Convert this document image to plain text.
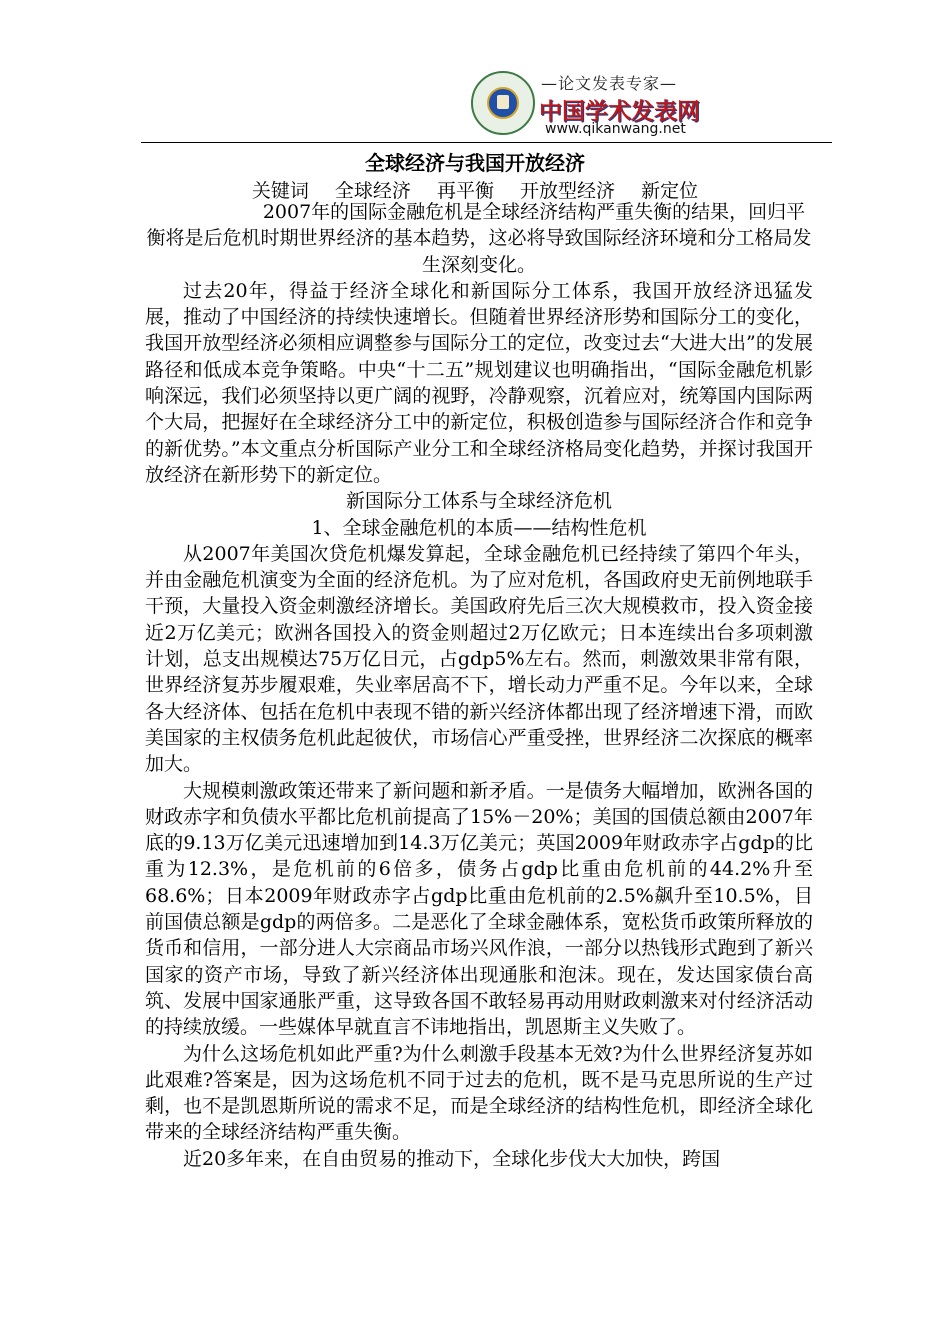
—论文发表专家—
中国学术发表网
www.qikanwang.net
全球经济与我国开放经济
关键词 全球经济 再平衡 开放型经济 新定位

2007年的国际金融危机是全球经济结构严重失衡的结果，回归平衡将是后危机时期世界经济的基本趋势，这必将导致国际经济环境和分工格局发生深刻变化。

过去20年，得益于经济全球化和新国际分工体系，我国开放经济迅猛发展，推动了中国经济的持续快速增长。但随着世界经济形势和国际分工的变化，我国开放型经济必须相应调整参与国际分工的定位，改变过去“大进大出”的发展路径和低成本竞争策略。中央“十二五”规划建议也明确指出，“国际金融危机影响深远，我们必须坚持以更广阔的视野，冷静观察，沉着应对，统筹国内国际两个大局，把握好在全球经济分工中的新定位，积极创造参与国际经济合作和竞争的新优势。”本文重点分析国际产业分工和全球经济格局变化趋势，并探讨我国开放经济在新形势下的新定位。

新国际分工体系与全球经济危机

1、全球金融危机的本质——结构性危机

从2007年美国次贷危机爆发算起，全球金融危机已经持续了第四个年头，并由金融危机演变为全面的经济危机。为了应对危机，各国政府史无前例地联手干预，大量投入资金刺激经济增长。美国政府先后三次大规模救市，投入资金接近2万亿美元；欧洲各国投入的资金则超过2万亿欧元；日本连续出台多项刺激计划，总支出规模达75万亿日元，占gdp5%左右。然而，刺激效果非常有限，世界经济复苏步履艰难，失业率居高不下，增长动力严重不足。今年以来，全球各大经济体、包括在危机中表现不错的新兴经济体都出现了经济增速下滑，而欧美国家的主权债务危机此起彼伏，市场信心严重受挫，世界经济二次探底的概率加大。

大规模刺激政策还带来了新问题和新矛盾。一是债务大幅增加，欧洲各国的财政赤字和负债水平都比危机前提高了15%－20%；美国的国债总额由2007年底的9.13万亿美元迅速增加到14.3万亿美元；英国2009年财政赤字占gdp的比重为12.3%，是危机前的6倍多，债务占gdp比重由危机前的44.2%升至68.6%；日本2009年财政赤字占gdp比重由危机前的2.5%飙升至10.5%，目前国债总额是gdp的两倍多。二是恶化了全球金融体系，宽松货币政策所释放的货币和信用，一部分进人大宗商品市场兴风作浪，一部分以热钱形式跑到了新兴国家的资产市场，导致了新兴经济体出现通胀和泡沫。现在，发达国家债台高筑、发展中国家通胀严重，这导致各国不敢轻易再动用财政刺激来对付经济活动的持续放缓。一些媒体早就直言不讳地指出，凯恩斯主义失败了。

为什么这场危机如此严重?为什么刺激手段基本无效?为什么世界经济复苏如此艰难?答案是，因为这场危机不同于过去的危机，既不是马克思所说的生产过剩，也不是凯恩斯所说的需求不足，而是全球经济的结构性危机，即经济全球化带来的全球经济结构严重失衡。

近20多年来，在自由贸易的推动下，全球化步伐大大加快，跨国
